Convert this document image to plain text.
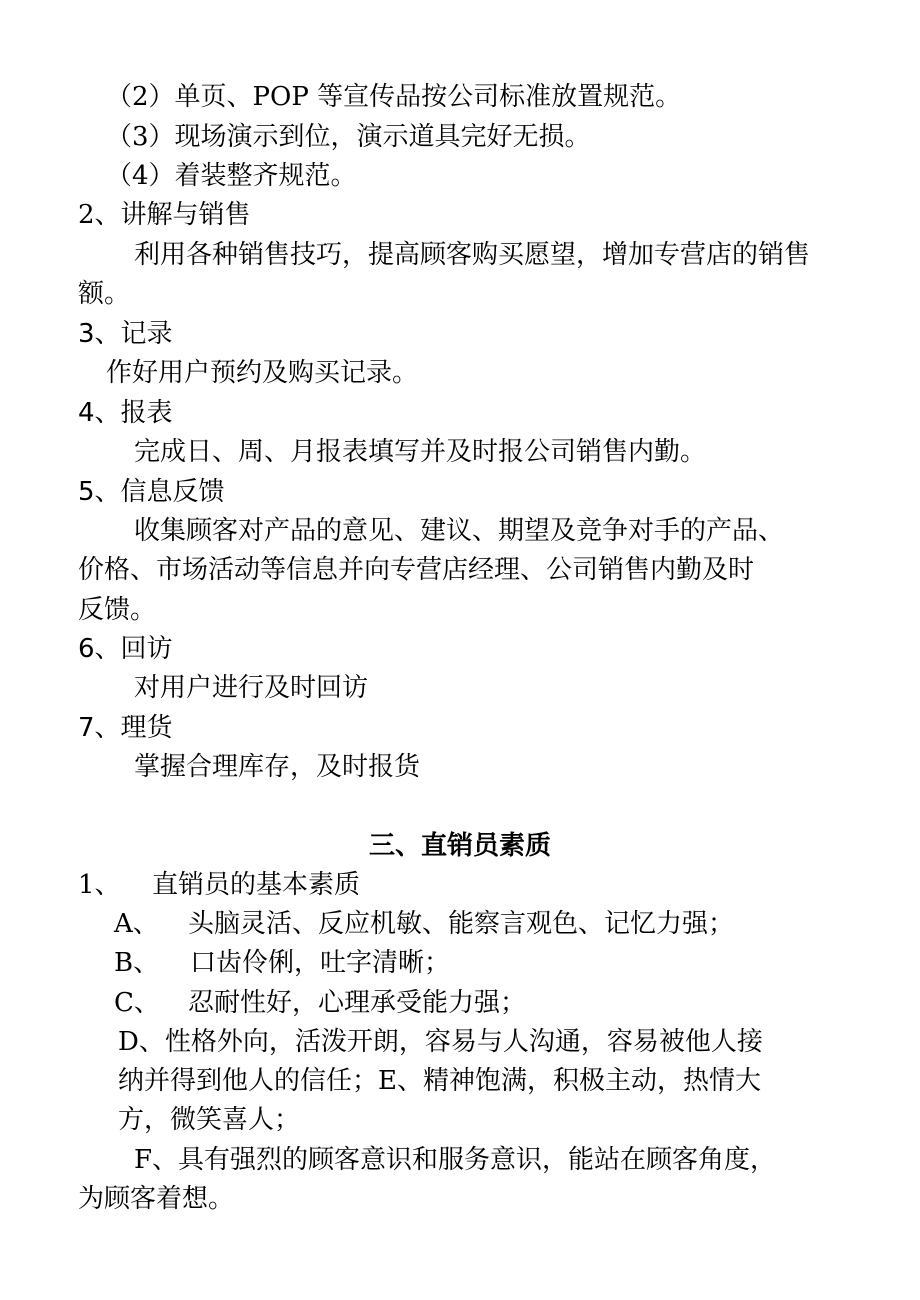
（2）单页、POP 等宣传品按公司标准放置规范。
（3）现场演示到位，演示道具完好无损。
（4）着装整齐规范。
2、讲解与销售
利用各种销售技巧，提高顾客购买愿望，增加专营店的销售
额。
3、记录
作好用户预约及购买记录。
4、报表
完成日、周、月报表填写并及时报公司销售内勤。
5、信息反馈
收集顾客对产品的意见、建议、期望及竞争对手的产品、
价格、市场活动等信息并向专营店经理、公司销售内勤及时
反馈。
6、回访
对用户进行及时回访
7、理货
掌握合理库存，及时报货
三、直销员素质
1、 直销员的基本素质
A、 头脑灵活、反应机敏、能察言观色、记忆力强；
B、 口齿伶俐，吐字清晰；
C、 忍耐性好，心理承受能力强；
D、性格外向，活泼开朗，容易与人沟通，容易被他人接
纳并得到他人的信任；E、精神饱满，积极主动，热情大
方，微笑喜人；
F、具有强烈的顾客意识和服务意识，能站在顾客角度，
为顾客着想。
